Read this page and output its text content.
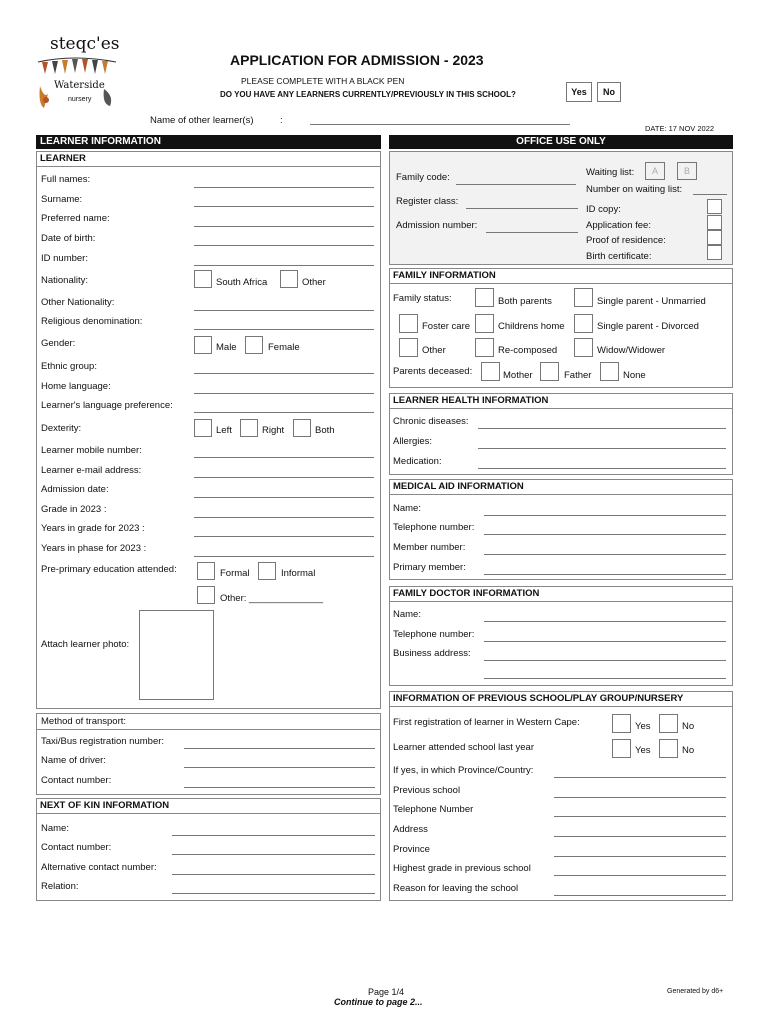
steqc'es
Waterside
nursery
APPLICATION FOR ADMISSION - 2023
PLEASE COMPLETE WITH A BLACK PEN
DO YOU HAVE ANY LEARNERS CURRENTLY/PREVIOUSLY IN THIS SCHOOL?	Yes	No
Name of other learner(s)	:
DATE: 17 NOV 2022
LEARNER INFORMATION
LEARNER
Full names:
Surname:
Preferred name:
Date of birth:
ID number:
Nationality:	South Africa	Other
Other Nationality:
Religious denomination:
Gender:	Male	Female
Ethnic group:
Home language:
Learner's language preference:
Dexterity:	Left	Right	Both
Learner mobile number:
Learner e-mail address:
Admission date:
Grade in 2023 :
Years in grade for 2023 :
Years in phase for 2023 :
Pre-primary education attended:	Formal	Informal
Other: ______________
Attach learner photo:
Method of transport:
Taxi/Bus registration number:
Name of driver:
Contact number:
NEXT OF KIN INFORMATION
Name:
Contact number:
Alternative contact number:
Relation:
OFFICE USE ONLY
Family code:
Register class:
Admission number:
Waiting list:	A	B
Number on waiting list:
ID copy:
Application fee:
Proof of residence:
Birth certificate:
FAMILY INFORMATION
Family status:	Both parents	Single parent - Unmarried
Foster care	Childrens home	Single parent - Divorced
Other	Re-composed	Widow/Widower
Parents deceased:	Mother	Father	None
LEARNER HEALTH INFORMATION
Chronic diseases:
Allergies:
Medication:
MEDICAL AID INFORMATION
Name:
Telephone number:
Member number:
Primary member:
FAMILY DOCTOR INFORMATION
Name:
Telephone number:
Business address:
INFORMATION OF PREVIOUS SCHOOL/PLAY GROUP/NURSERY
First registration of learner in Western Cape:	Yes	No
Learner attended school last year	Yes	No
If yes, in which Province/Country:
Previous school
Telephone Number
Address
Province
Highest grade in previous school
Reason for leaving the school
Page 1/4
Continue to page 2...
Generated by d6+
